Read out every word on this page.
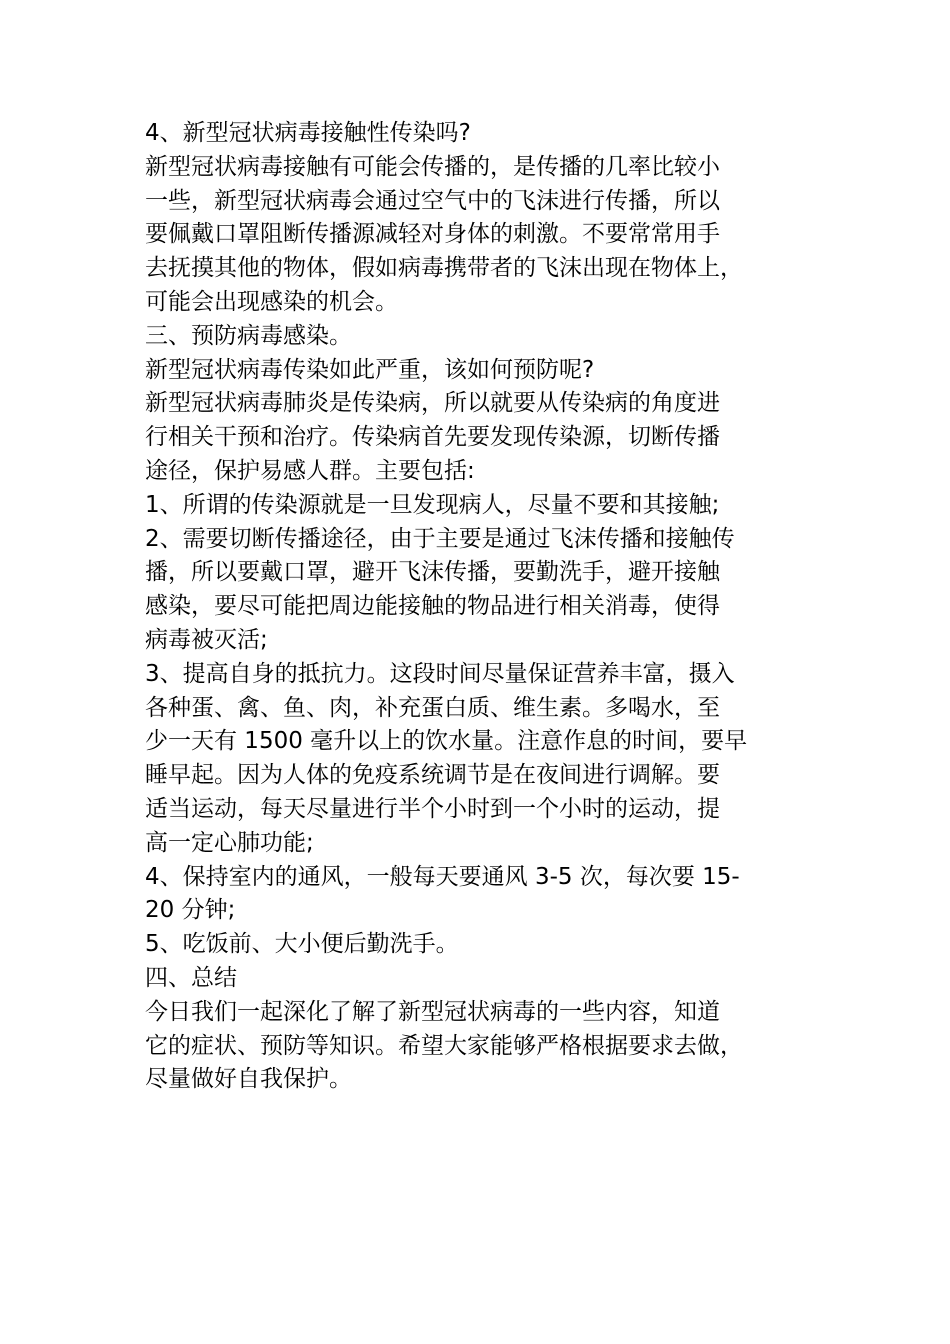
4、新型冠状病毒接触性传染吗?
新型冠状病毒接触有可能会传播的，是传播的几率比较小
一些，新型冠状病毒会通过空气中的飞沫进行传播，所以
要佩戴口罩阻断传播源减轻对身体的刺激。不要常常用手
去抚摸其他的物体，假如病毒携带者的飞沫出现在物体上，
可能会出现感染的机会。
三、预防病毒感染。
新型冠状病毒传染如此严重，该如何预防呢?
新型冠状病毒肺炎是传染病，所以就要从传染病的角度进
行相关干预和治疗。传染病首先要发现传染源，切断传播
途径，保护易感人群。主要包括:
1、所谓的传染源就是一旦发现病人，尽量不要和其接触;
2、需要切断传播途径，由于主要是通过飞沫传播和接触传
播，所以要戴口罩，避开飞沫传播，要勤洗手，避开接触
感染，要尽可能把周边能接触的物品进行相关消毒，使得
病毒被灭活;
3、提高自身的抵抗力。这段时间尽量保证营养丰富，摄入
各种蛋、禽、鱼、肉，补充蛋白质、维生素。多喝水，至
少一天有 1500 毫升以上的饮水量。注意作息的时间，要早
睡早起。因为人体的免疫系统调节是在夜间进行调解。要
适当运动，每天尽量进行半个小时到一个小时的运动，提
高一定心肺功能;
4、保持室内的通风，一般每天要通风 3-5 次，每次要 15-
20 分钟;
5、吃饭前、大小便后勤洗手。
四、总结
今日我们一起深化了解了新型冠状病毒的一些内容，知道
它的症状、预防等知识。希望大家能够严格根据要求去做，
尽量做好自我保护。
